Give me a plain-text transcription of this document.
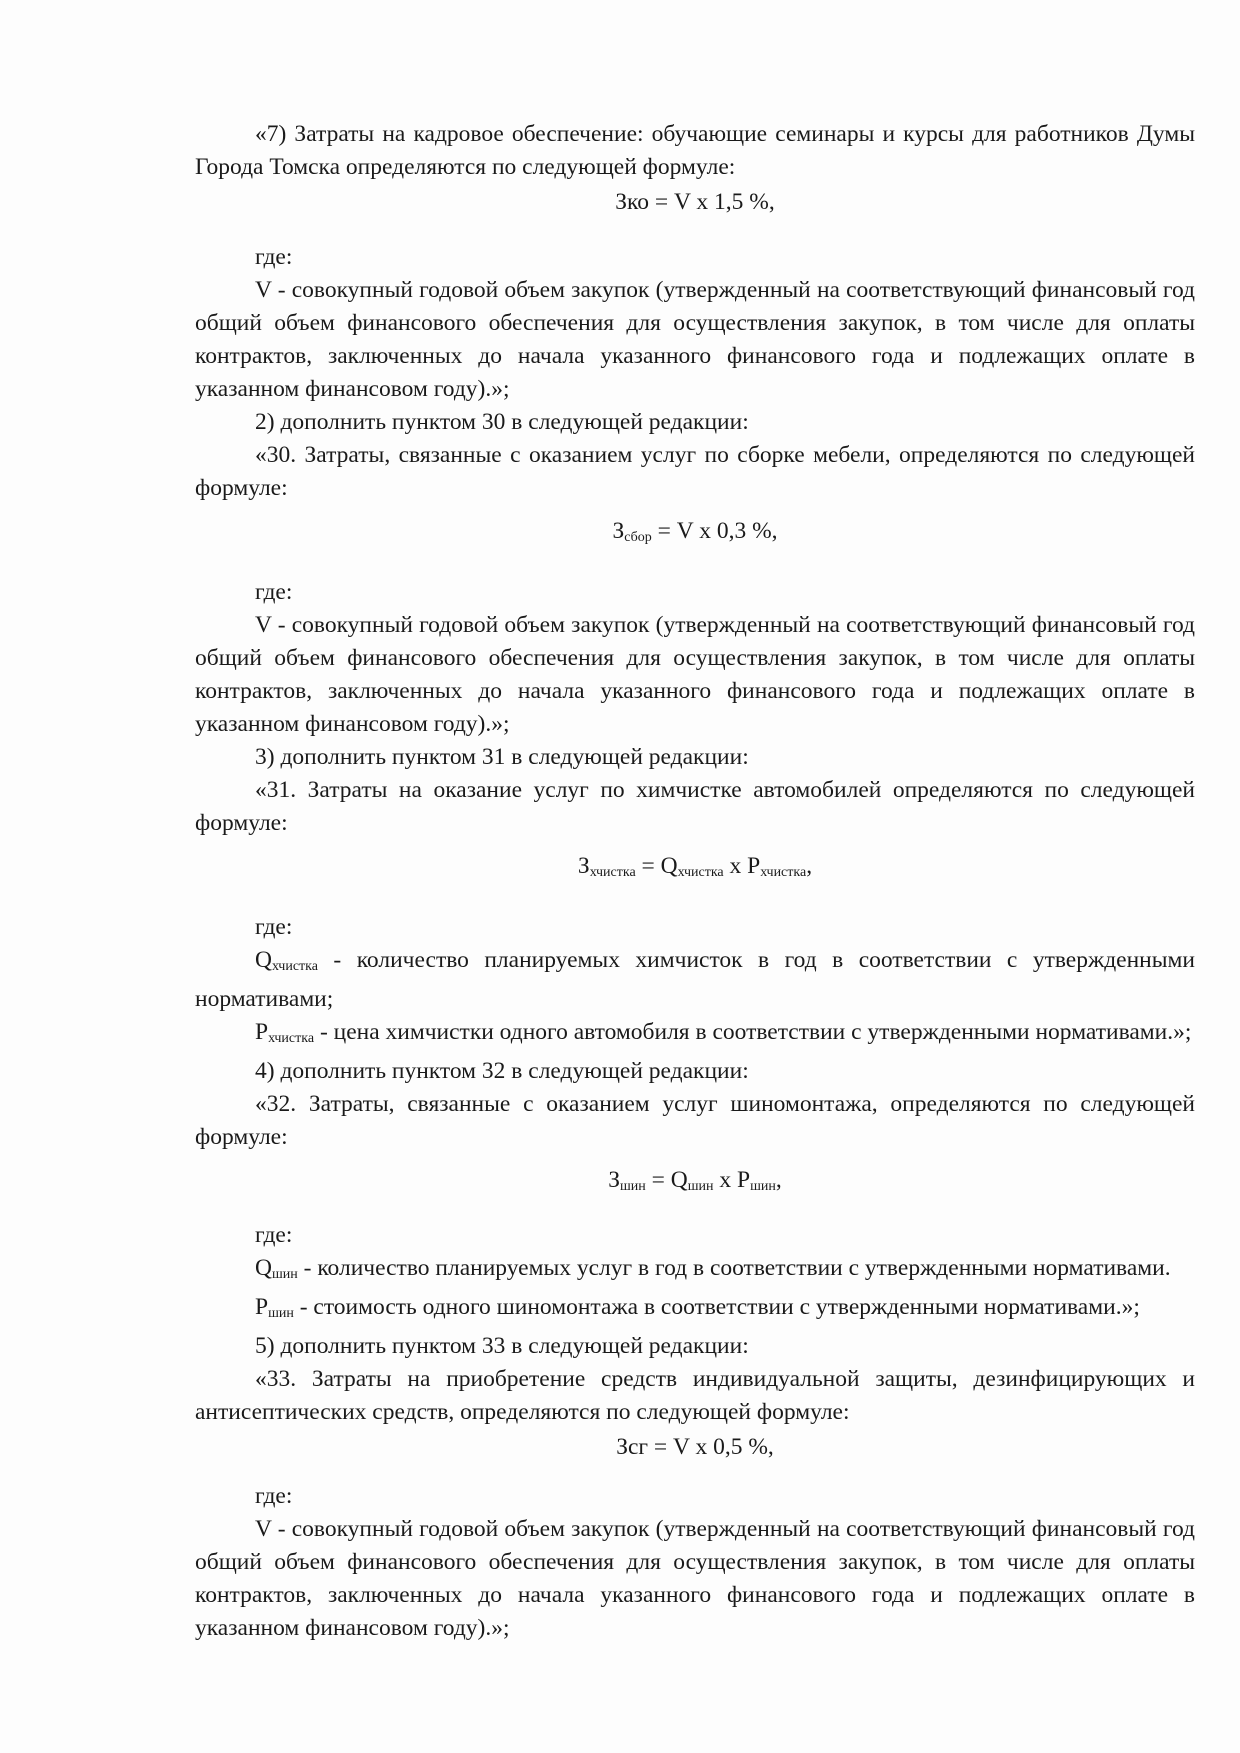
«7) Затраты на кадровое обеспечение: обучающие семинары и курсы для работников Думы Города Томска определяются по следующей формуле:

Зко = V x 1,5 %,

где:

V - совокупный годовой объем закупок (утвержденный на соответствующий финансовый год общий объем финансового обеспечения для осуществления закупок, в том числе для оплаты контрактов, заключенных до начала указанного финансового года и подлежащих оплате в указанном финансовом году).»;

2) дополнить пунктом 30 в следующей редакции:

«30. Затраты, связанные с оказанием услуг по сборке мебели, определяются по следующей формуле:

$З_{сбор} = V$ x 0,3 %,

где:

V - совокупный годовой объем закупок (утвержденный на соответствующий финансовый год общий объем финансового обеспечения для осуществления закупок, в том числе для оплаты контрактов, заключенных до начала указанного финансового года и подлежащих оплате в указанном финансовом году).»;

3) дополнить пунктом 31 в следующей редакции:

«31. Затраты на оказание услуг по химчистке автомобилей определяются по следующей формуле:

$З_{хчистка} = Q_{хчистка}$ x $P_{хчистка}$,

где:

$Q_{хчистка}$ - количество планируемых химчисток в год в соответствии с утвержденными нормативами;

$P_{хчистка}$ - цена химчистки одного автомобиля в соответствии с утвержденными нормативами.»;

4) дополнить пунктом 32 в следующей редакции:

«32. Затраты, связанные с оказанием услуг шиномонтажа, определяются по следующей формуле:

$З_{шин} = Q_{шин}$ x $P_{шин}$,

где:

$Q_{шин}$ - количество планируемых услуг в год в соответствии с утвержденными нормативами.

$P_{шин}$ - стоимость одного шиномонтажа в соответствии с утвержденными нормативами.»;

5) дополнить пунктом 33 в следующей редакции:

«33. Затраты на приобретение средств индивидуальной защиты, дезинфицирующих и антисептических средств, определяются по следующей формуле:

Зсг = V x 0,5 %,

где:

V - совокупный годовой объем закупок (утвержденный на соответствующий финансовый год общий объем финансового обеспечения для осуществления закупок, в том числе для оплаты контрактов, заключенных до начала указанного финансового года и подлежащих оплате в указанном финансовом году).»;
